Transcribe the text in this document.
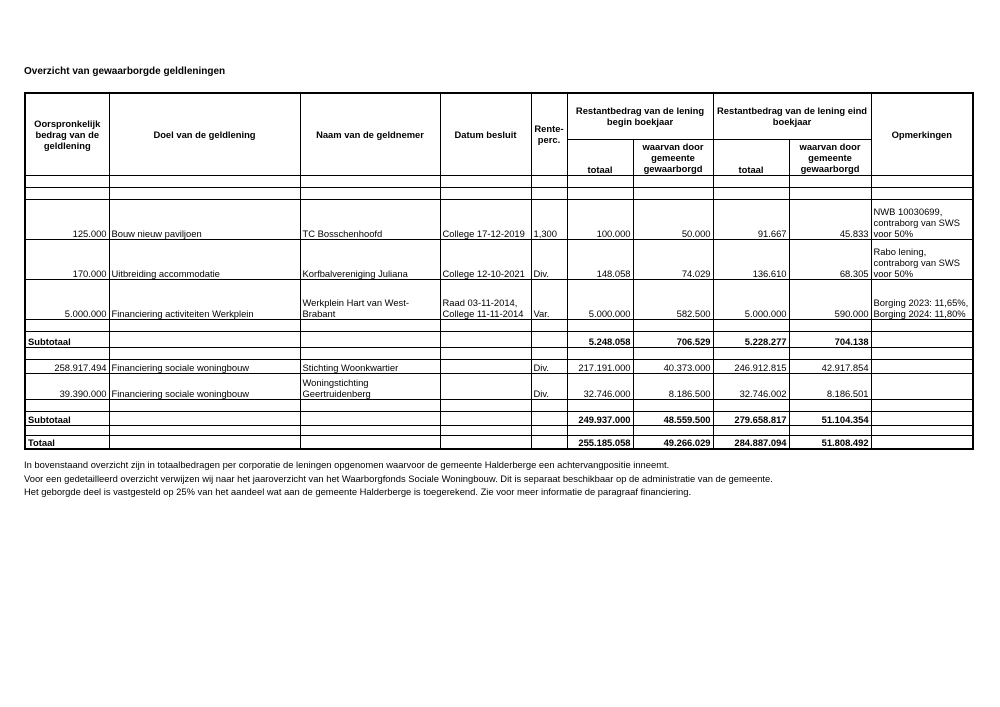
Overzicht van gewaarborgde geldleningen
Oorspronkelijk bedrag van de geldlening	Doel van de geldlening	Naam van de geldnemer	Datum besluit	Rente-perc.	Restantbedrag van de lening begin boekjaar		Restantbedrag van de lening eind boekjaar		Opmerkingen
					totaal	waarvan door gemeente gewaarborgd	totaal	waarvan door gemeente gewaarborgd	

125.000	Bouw nieuw paviljoen	TC Bosschenhoofd	College 17-12-2019	1,300	100.000	50.000	91.667	45.833	NWB 10030699, contraborg van SWS voor 50%
170.000	Uitbreiding accommodatie	Korfbalvereniging Juliana	College 12-10-2021	Div.	148.058	74.029	136.610	68.305	Rabo lening, contraborg van SWS voor 50%
5.000.000	Financiering activiteiten Werkplein	Werkplein Hart van West-Brabant	Raad 03-11-2014, College 11-11-2014	Var.	5.000.000	582.500	5.000.000	590.000	Borging 2023: 11,65%, Borging 2024: 11,80%

Subtotaal					5.248.058	706.529	5.228.277	704.138	

258.917.494	Financiering sociale woningbouw	Stichting Woonkwartier		Div.	217.191.000	40.373.000	246.912.815	42.917.854	
39.390.000	Financiering sociale woningbouw	Woningstichting Geertruidenberg		Div.	32.746.000	8.186.500	32.746.002	8.186.501	

Subtotaal					249.937.000	48.559.500	279.658.817	51.104.354	

Totaal					255.185.058	49.266.029	284.887.094	51.808.492	
In bovenstaand overzicht zijn in totaalbedragen per corporatie de leningen opgenomen waarvoor de gemeente Halderberge een achtervangpositie inneemt.
Voor een gedetailleerd overzicht verwijzen wij naar het jaaroverzicht van het Waarborgfonds Sociale Woningbouw. Dit is separaat beschikbaar op de administratie van de gemeente.
Het geborgde deel is vastgesteld op 25% van het aandeel wat aan de gemeente Halderberge is toegerekend. Zie voor meer informatie de paragraaf financiering.
